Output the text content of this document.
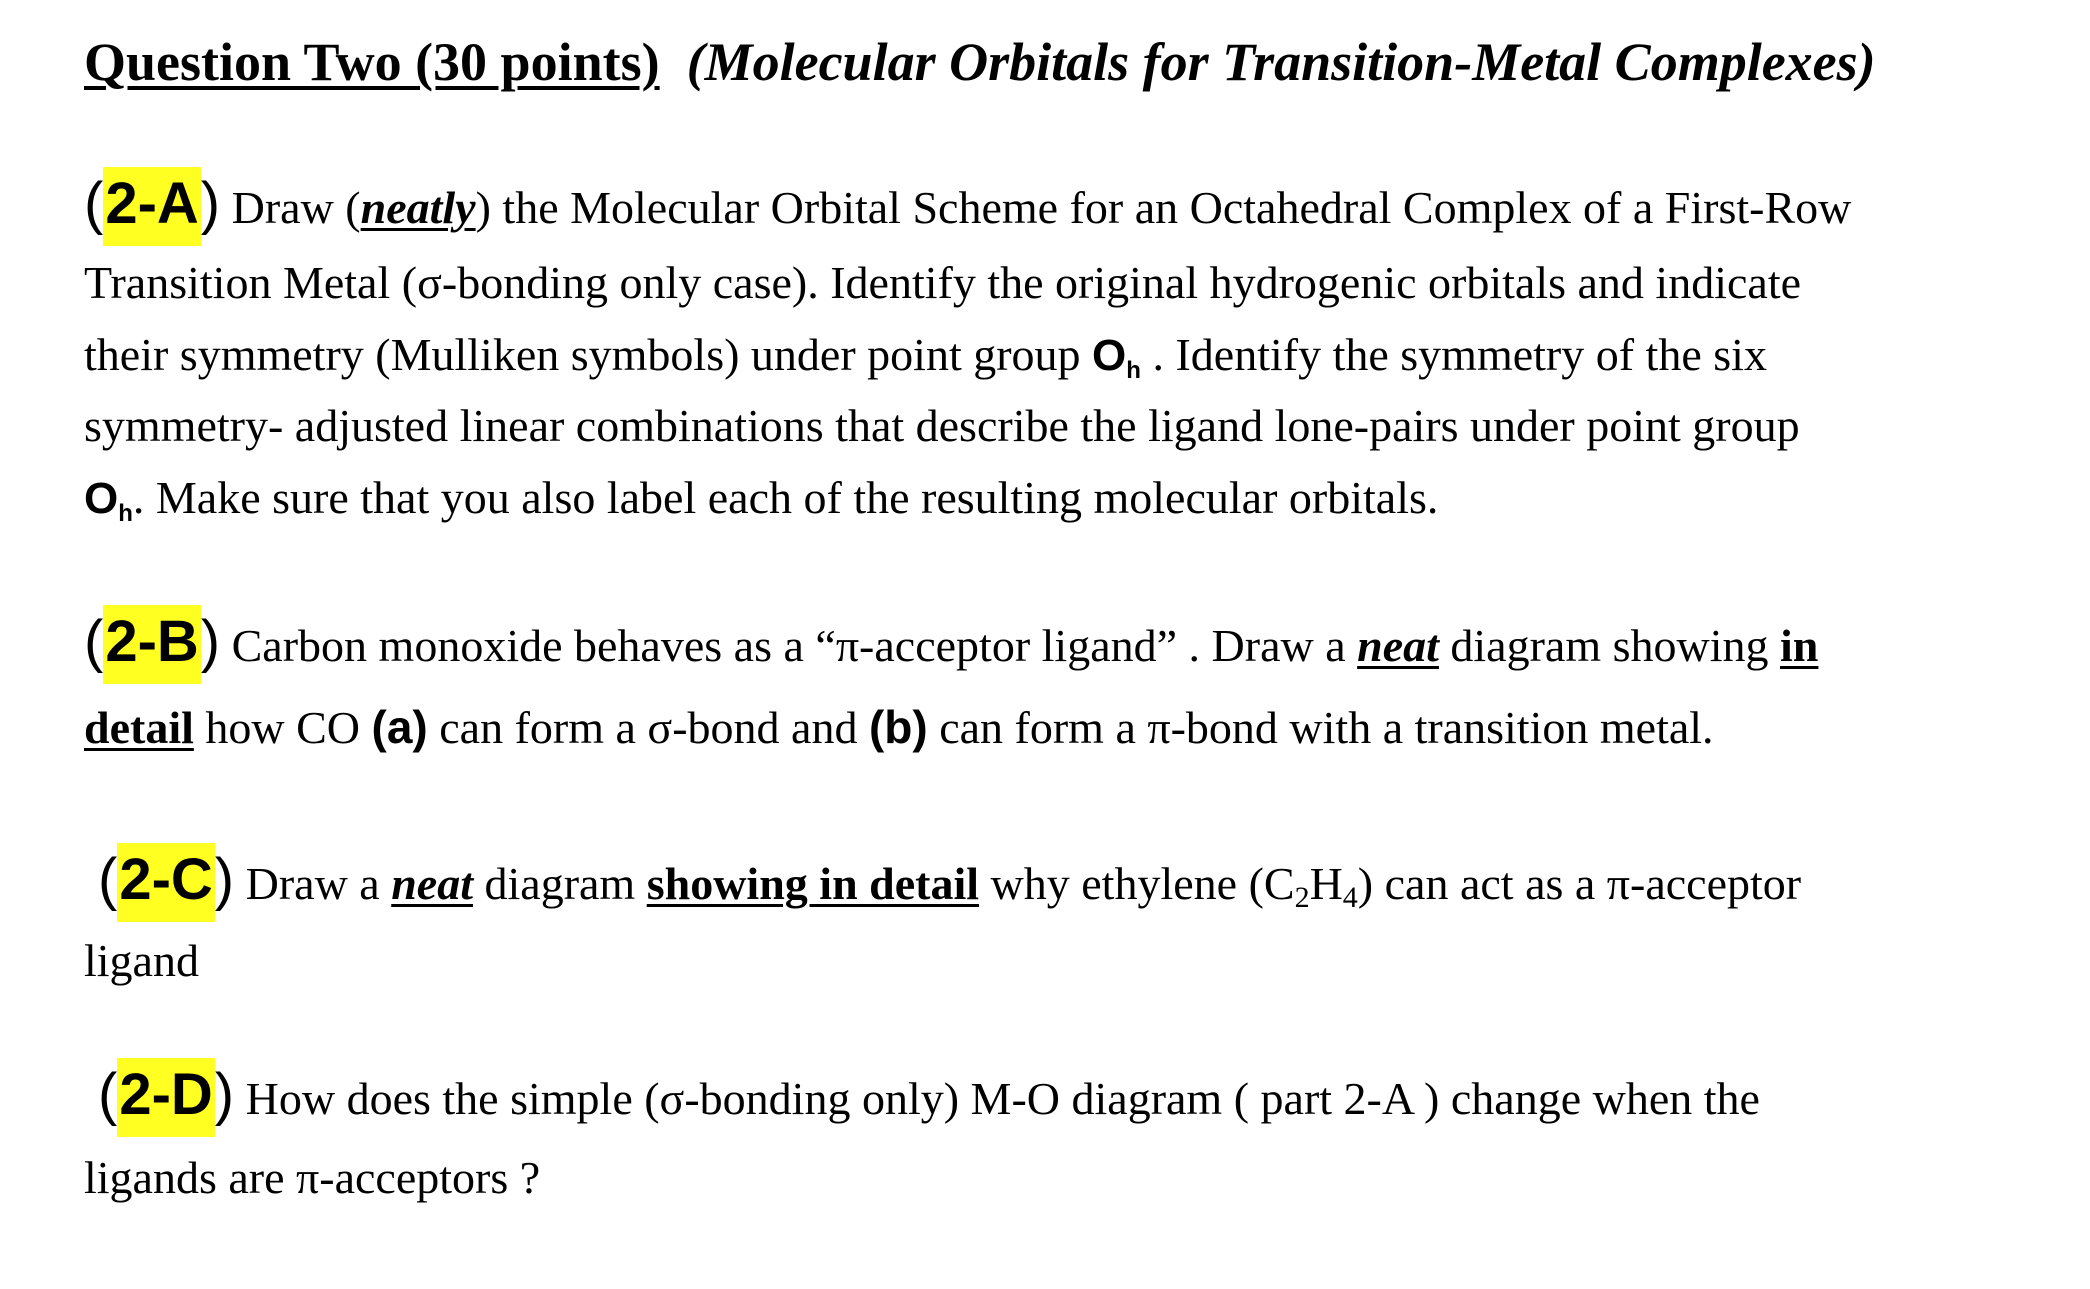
Question Two (30 points) (Molecular Orbitals for Transition-Metal Complexes)
(2-A) Draw (neatly) the Molecular Orbital Scheme for an Octahedral Complex of a First-Row
Transition Metal (σ-bonding only case). Identify the original hydrogenic orbitals and indicate
their symmetry (Mulliken symbols) under point group $O_h$ . Identify the symmetry of the six
symmetry- adjusted linear combinations that describe the ligand lone-pairs under point group
$O_h$. Make sure that you also label each of the resulting molecular orbitals.
(2-B) Carbon monoxide behaves as a “π-acceptor ligand” . Draw a neat diagram showing in
detail how CO (a) can form a σ-bond and (b) can form a π-bond with a transition metal.
(2-C) Draw a neat diagram showing in detail why ethylene $(C_2H_4)$ can act as a π-acceptor
ligand
(2-D) How does the simple (σ-bonding only) M-O diagram ( part 2-A ) change when the
ligands are π-acceptors ?
